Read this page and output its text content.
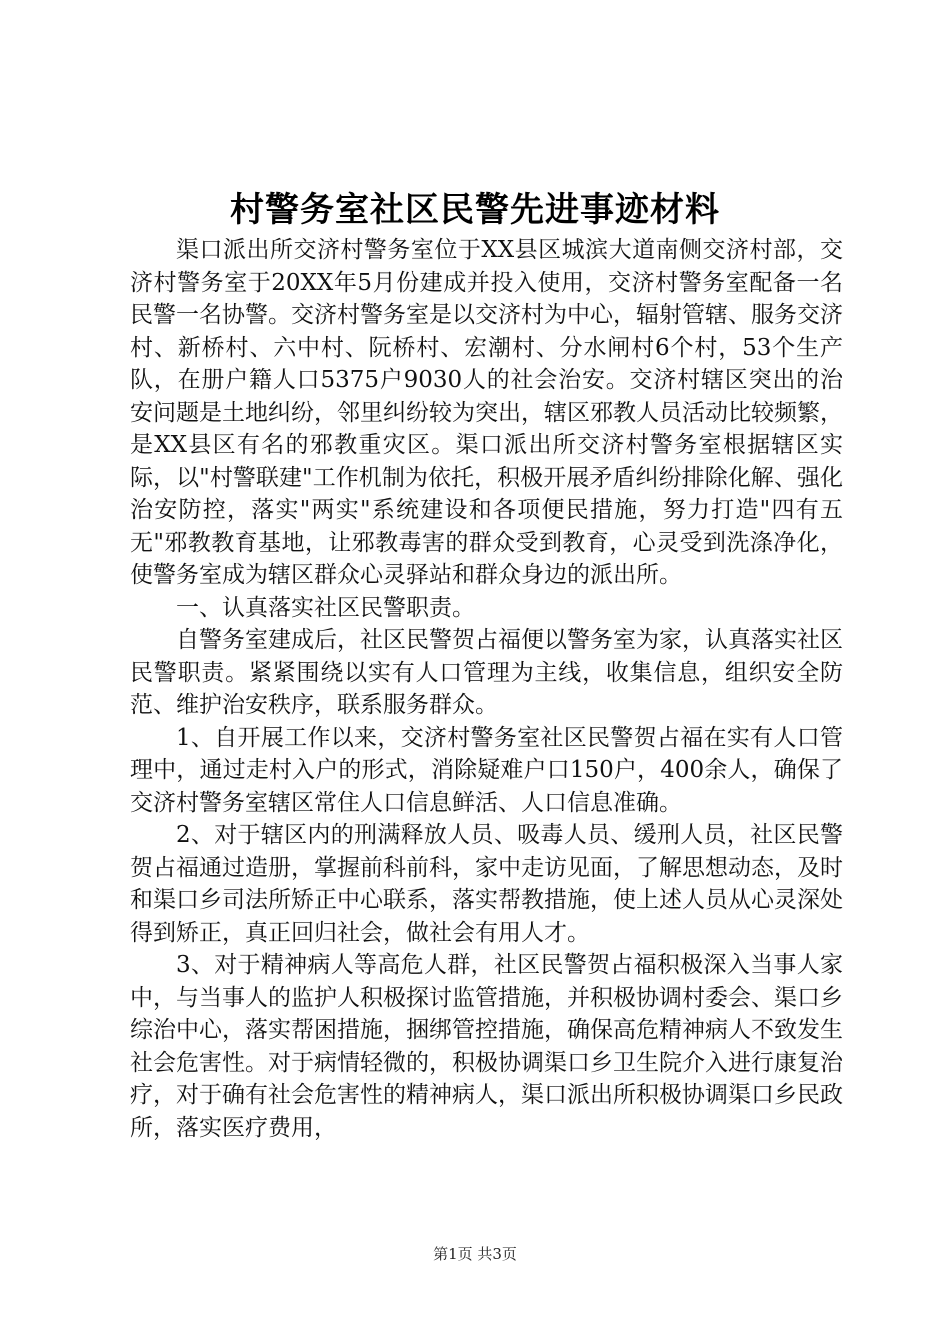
村警务室社区民警先进事迹材料

渠口派出所交济村警务室位于XX县区城滨大道南侧交济村部，交济村警务室于20XX年5月份建成并投入使用，交济村警务室配备一名民警一名协警。交济村警务室是以交济村为中心，辐射管辖、服务交济村、新桥村、六中村、阮桥村、宏潮村、分水闸村6个村，53个生产队，在册户籍人口5375户9030人的社会治安。交济村辖区突出的治安问题是土地纠纷，邻里纠纷较为突出，辖区邪教人员活动比较频繁，是XX县区有名的邪教重灾区。渠口派出所交济村警务室根据辖区实际，以"村警联建"工作机制为依托，积极开展矛盾纠纷排除化解、强化治安防控，落实"两实"系统建设和各项便民措施，努力打造"四有五无"邪教教育基地，让邪教毒害的群众受到教育，心灵受到洗涤净化，使警务室成为辖区群众心灵驿站和群众身边的派出所。

一、认真落实社区民警职责。

自警务室建成后，社区民警贺占福便以警务室为家，认真落实社区民警职责。紧紧围绕以实有人口管理为主线，收集信息，组织安全防范、维护治安秩序，联系服务群众。

1、自开展工作以来，交济村警务室社区民警贺占福在实有人口管理中，通过走村入户的形式，消除疑难户口150户，400余人，确保了交济村警务室辖区常住人口信息鲜活、人口信息准确。

2、对于辖区内的刑满释放人员、吸毒人员、缓刑人员，社区民警贺占福通过造册，掌握前科前科，家中走访见面，了解思想动态，及时和渠口乡司法所矫正中心联系，落实帮教措施，使上述人员从心灵深处得到矫正，真正回归社会，做社会有用人才。

3、对于精神病人等高危人群，社区民警贺占福积极深入当事人家中，与当事人的监护人积极探讨监管措施，并积极协调村委会、渠口乡综治中心，落实帮困措施，捆绑管控措施，确保高危精神病人不致发生社会危害性。对于病情轻微的，积极协调渠口乡卫生院介入进行康复治疗，对于确有社会危害性的精神病人，渠口派出所积极协调渠口乡民政所，落实医疗费用，

第1页 共3页
